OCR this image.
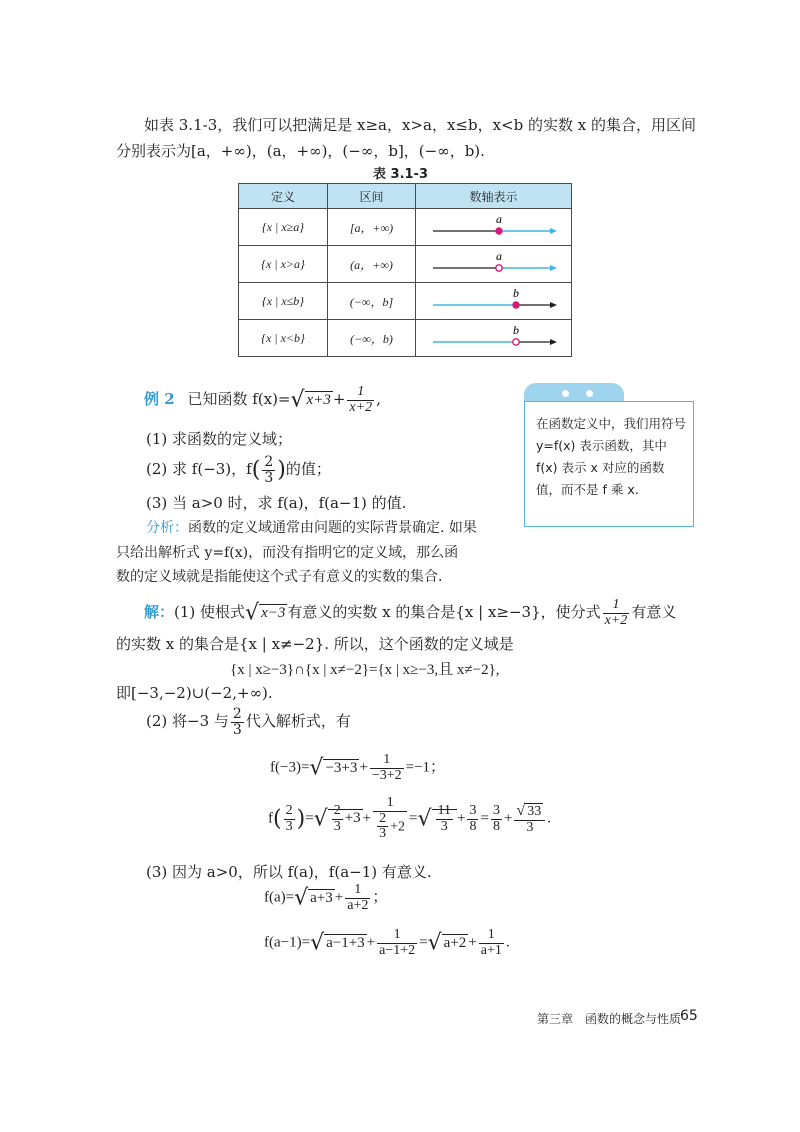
如表 3.1-3，我们可以把满足是 x≥a，x>a，x≤b，x<b 的实数 x 的集合，用区间
分别表示为[a，+∞)，(a，+∞)，(−∞，b]，(−∞，b).
表 3.1-3
定义	区间	数轴表示
{x | x≥a}	[a，+∞)	a

{x | x>a}	(a，+∞)	a

{x | x≤b}	(−∞，b]	b

{x | x<b}	(−∞，b)	b
例 2 已知函数 f(x)=√ $x+3 + \frac{1}{x+2}$ ,
(1) 求函数的定义域；
(2) 求 f(−3)，$f( \frac{2}{3}$ )的值；
(3) 当 a>0 时，求 f(a)，f(a−1) 的值.
分析：函数的定义域通常由问题的实际背景确定. 如果
只给出解析式 y=f(x)，而没有指明它的定义域，那么函
数的定义域就是指能使这个式子有意义的实数的集合.
在函数定义中，我们用符号 y=f(x) 表示函数，其中 f(x) 表示 x 对应的函数值，而不是 f 乘 x.
解：(1) 使根式√ x−3 有意义的实数 x 的集合是{x | x≥−3}，使分式 $\frac{1}{x+2}$ 有意义
的实数 x 的集合是{x | x≠−2}. 所以，这个函数的定义域是
{x | x≥−3}∩{x | x≠−2}={x | x≥−3,且 x≠−2},
即[−3,−2)∪(−2,+∞).
(2) 将−3 与 $\frac{2}{3}$ 代入解析式，有
$f(-3)=√ -3+3 + \frac{1}{-3+2} =-1$；
$f( \frac{2}{3}$ )=√ $\frac{2}{3} +3 + \frac{1}{\frac{2}{3} +2}$ =√ $\frac{11}{3} + \frac{3}{8} = \frac{3}{8} + \frac{√ 33}{3}$ .
(3) 因为 a>0，所以 f(a)，f(a−1) 有意义.
f(a)=√ $a+3 + \frac{1}{a+2}$ ；
f(a−1)=√ $a-1+3 + \frac{1}{a-1+2}$ =√ $a+2 + \frac{1}{a+1}$ .
第三章　函数的概念与性质
65
